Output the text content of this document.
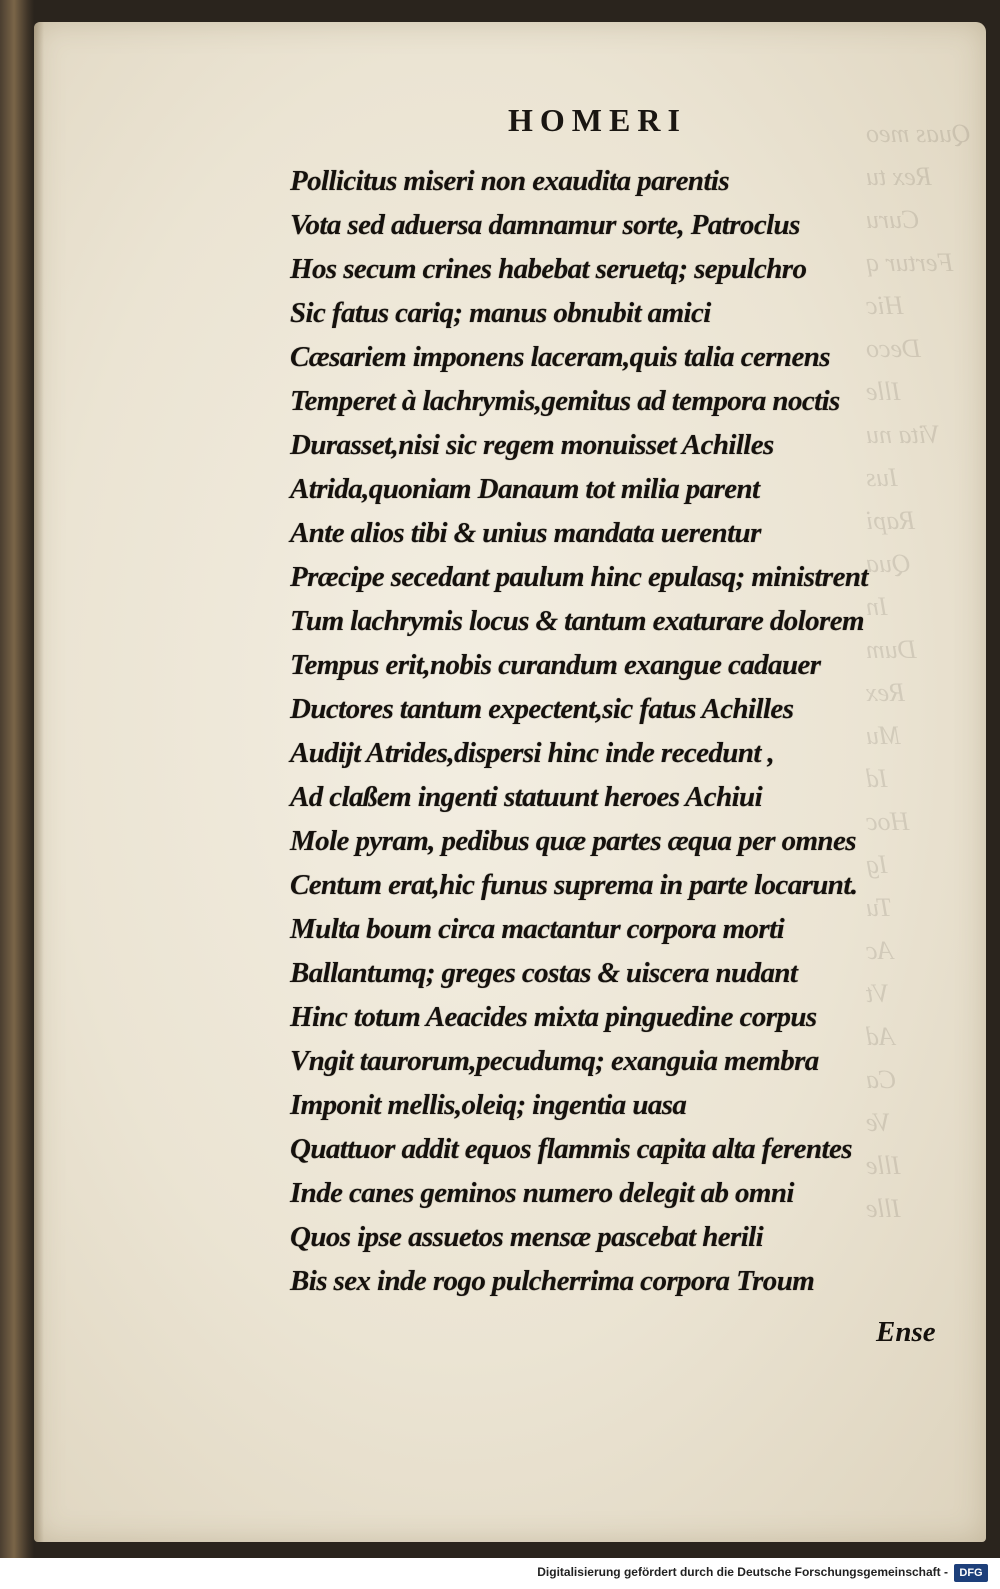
Quas meo
Rex tu
Curu
Fertur q
Hic
Deco
Ille
Vita nu
Ius
Rapi
Qua
In
Dum
Rex
Mu
Id
Hoc
Ig
Tu
Ac
Vt
Ad
Ca
Ve
Ille
Ille
HOMERI
Pollicitus miseri non exaudita parentis
Vota sed aduersa damnamur sorte, Patroclus
Hos secum crines habebat seruetq; sepulchro
Sic fatus cariq; manus obnubit amici
Cæsariem imponens laceram,quis talia cernens
Temperet à lachrymis,gemitus ad tempora noctis
Durasset,nisi sic regem monuisset Achilles
Atrida,quoniam Danaum tot milia parent
Ante alios tibi & unius mandata uerentur
Præcipe secedant paulum hinc epulasq; ministrent
Tum lachrymis locus & tantum exaturare dolorem
Tempus erit,nobis curandum exangue cadauer
Ductores tantum expectent,sic fatus Achilles
Audijt Atrides,dispersi hinc inde recedunt ,
Ad claßem ingenti statuunt heroes Achiui
Mole pyram, pedibus quæ partes æqua per omnes
Centum erat,hic funus suprema in parte locarunt.
Multa boum circa mactantur corpora morti
Ballantumq; greges costas & uiscera nudant
Hinc totum Aeacides mixta pinguedine corpus
Vngit taurorum,pecudumq; exanguia membra
Imponit mellis,oleiq; ingentia uasa
Quattuor addit equos flammis capita alta ferentes
Inde canes geminos numero delegit ab omni
Quos ipse assuetos mensæ pascebat herili
Bis sex inde rogo pulcherrima corpora Troum
Ense
Digitalisierung gefördert durch die Deutsche Forschungsgemeinschaft -	DFG
